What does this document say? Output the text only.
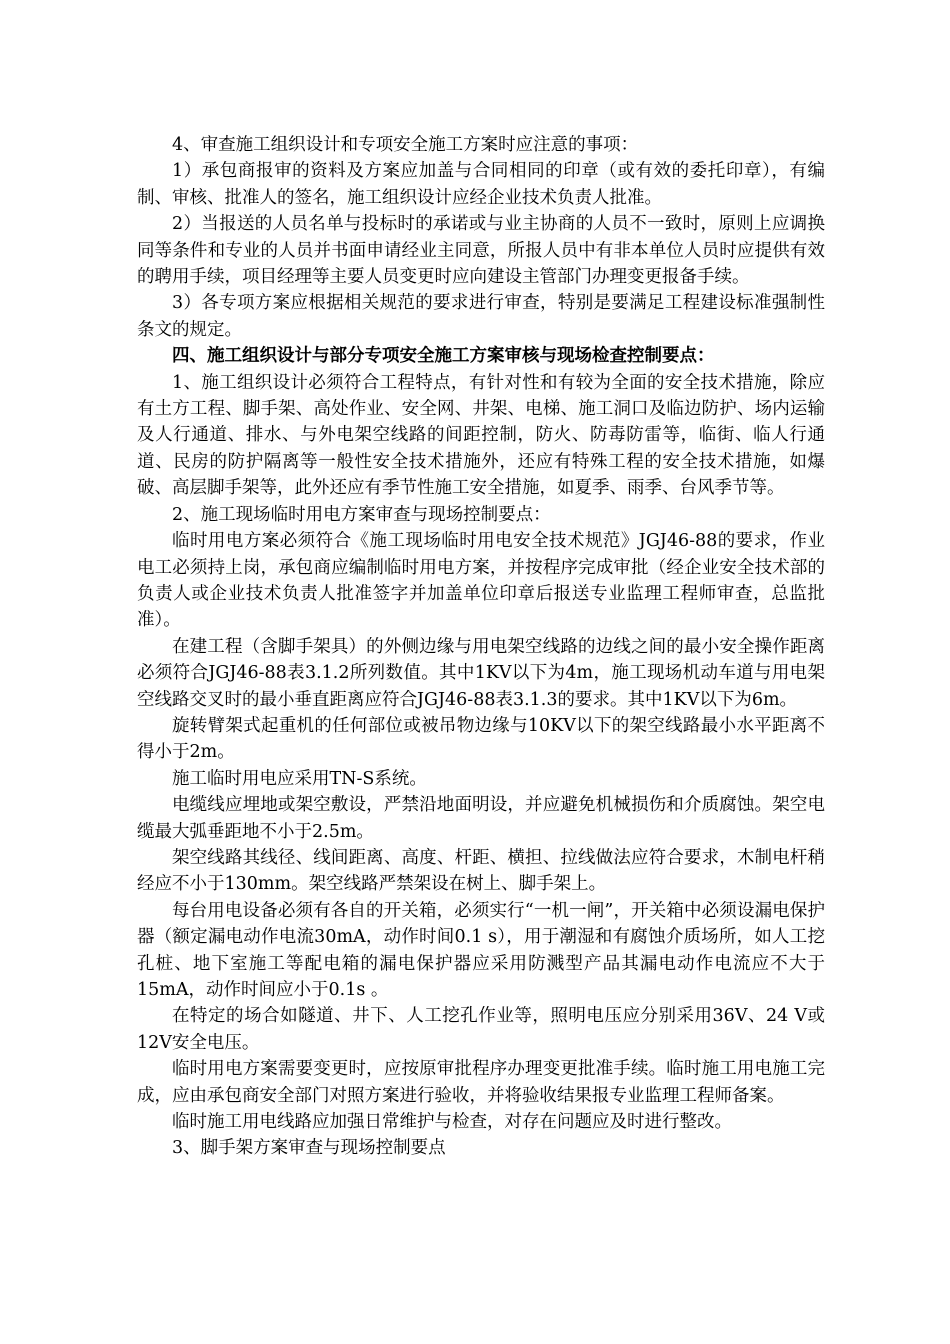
4、审查施工组织设计和专项安全施工方案时应注意的事项：

1）承包商报审的资料及方案应加盖与合同相同的印章（或有效的委托印章），有编制、审核、批准人的签名，施工组织设计应经企业技术负责人批准。

2）当报送的人员名单与投标时的承诺或与业主协商的人员不一致时，原则上应调换同等条件和专业的人员并书面申请经业主同意，所报人员中有非本单位人员时应提供有效的聘用手续，项目经理等主要人员变更时应向建设主管部门办理变更报备手续。

3）各专项方案应根据相关规范的要求进行审查，特别是要满足工程建设标准强制性条文的规定。

四、施工组织设计与部分专项安全施工方案审核与现场检查控制要点：

1、施工组织设计必须符合工程特点，有针对性和有较为全面的安全技术措施，除应有土方工程、脚手架、高处作业、安全网、井架、电梯、施工洞口及临边防护、场内运输及人行通道、排水、与外电架空线路的间距控制，防火、防毒防雷等，临街、临人行通道、民房的防护隔离等一般性安全技术措施外，还应有特殊工程的安全技术措施，如爆破、高层脚手架等，此外还应有季节性施工安全措施，如夏季、雨季、台风季节等。

2、施工现场临时用电方案审查与现场控制要点：

临时用电方案必须符合《施工现场临时用电安全技术规范》JGJ46-88的要求，作业电工必须持上岗，承包商应编制临时用电方案，并按程序完成审批（经企业安全技术部的负责人或企业技术负责人批准签字并加盖单位印章后报送专业监理工程师审查，总监批准）。

在建工程（含脚手架具）的外侧边缘与用电架空线路的边线之间的最小安全操作距离必须符合JGJ46-88表3.1.2所列数值。其中1KV以下为4m，施工现场机动车道与用电架空线路交叉时的最小垂直距离应符合JGJ46-88表3.1.3的要求。其中1KV以下为6m。

旋转臂架式起重机的任何部位或被吊物边缘与10KV以下的架空线路最小水平距离不得小于2m。

施工临时用电应采用TN-S系统。

电缆线应埋地或架空敷设，严禁沿地面明设，并应避免机械损伤和介质腐蚀。架空电缆最大弧垂距地不小于2.5m。

架空线路其线径、线间距离、高度、杆距、横担、拉线做法应符合要求，木制电杆稍经应不小于130mm。架空线路严禁架设在树上、脚手架上。

每台用电设备必须有各自的开关箱，必须实行“一机一闸”，开关箱中必须设漏电保护器（额定漏电动作电流30mA，动作时间0.1 s），用于潮湿和有腐蚀介质场所，如人工挖孔桩、地下室施工等配电箱的漏电保护器应采用防溅型产品其漏电动作电流应不大于15mA，动作时间应小于0.1s 。

在特定的场合如隧道、井下、人工挖孔作业等，照明电压应分别采用36V、24 V或12V安全电压。

临时用电方案需要变更时，应按原审批程序办理变更批准手续。临时施工用电施工完成，应由承包商安全部门对照方案进行验收，并将验收结果报专业监理工程师备案。

临时施工用电线路应加强日常维护与检查，对存在问题应及时进行整改。

3、脚手架方案审查与现场控制要点
